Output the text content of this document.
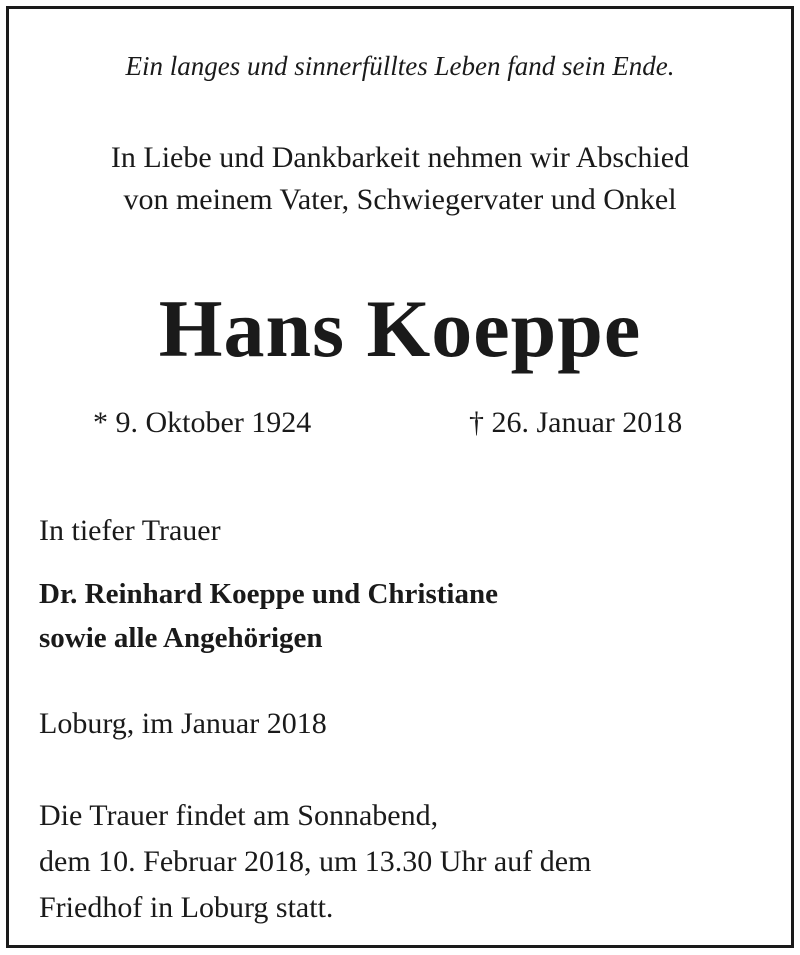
Ein langes und sinnerfülltes Leben fand sein Ende.
In Liebe und Dankbarkeit nehmen wir Abschied
von meinem Vater, Schwiegervater und Onkel
Hans Koeppe
* 9. Oktober 1924	† 26. Januar 2018
In tiefer Trauer
Dr. Reinhard Koeppe und Christiane
sowie alle Angehörigen
Loburg, im Januar 2018
Die Trauer findet am Sonnabend,
dem 10. Februar 2018, um 13.30 Uhr auf dem
Friedhof in Loburg statt.
